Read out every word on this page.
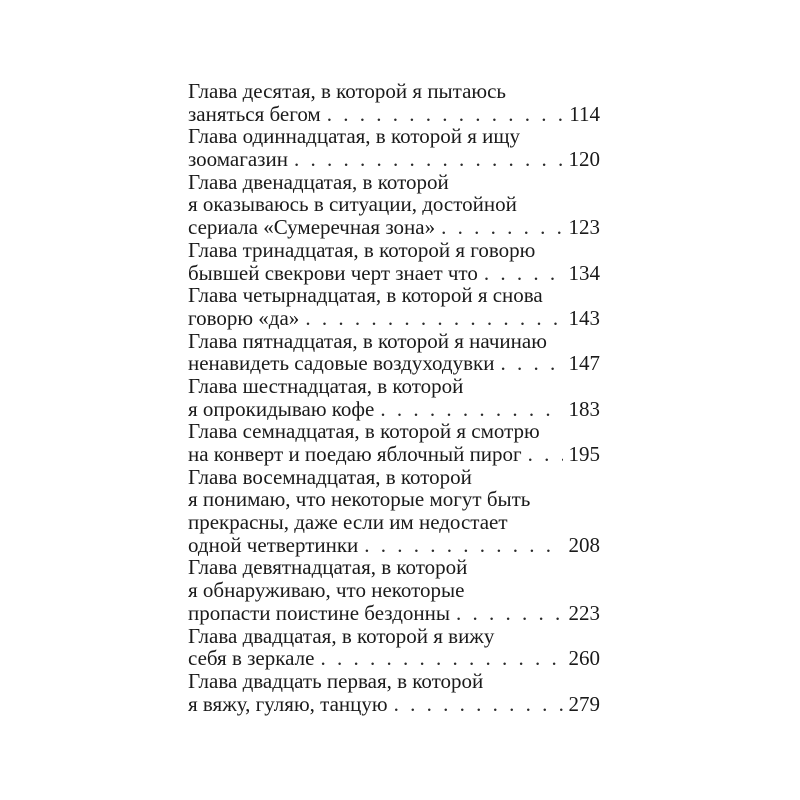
Глава десятая, в которой я пытаюсь
заняться бегом . . .	114
Глава одиннадцатая, в которой я ищу
зоомагазин . . .	120
Глава двенадцатая, в которой
я оказываюсь в ситуации, достойной
сериала «Сумеречная зона» . . .	123
Глава тринадцатая, в которой я говорю
бывшей свекрови черт знает что . . .	134
Глава четырнадцатая, в которой я снова
говорю «да» . . .	143
Глава пятнадцатая, в которой я начинаю
ненавидеть садовые воздуходувки . . .	147
Глава шестнадцатая, в которой
я опрокидываю кофе . . .	183
Глава семнадцатая, в которой я смотрю
на конверт и поедаю яблочный пирог . . . 195
Глава восемнадцатая, в которой
я понимаю, что некоторые могут быть
прекрасны, даже если им недостает
одной четвертинки . . .	208
Глава девятнадцатая, в которой
я обнаруживаю, что некоторые
пропасти поистине бездонны . . .	223
Глава двадцатая, в которой я вижу
себя в зеркале . . .	260
Глава двадцать первая, в которой
я вяжу, гуляю, танцую . . .	279
